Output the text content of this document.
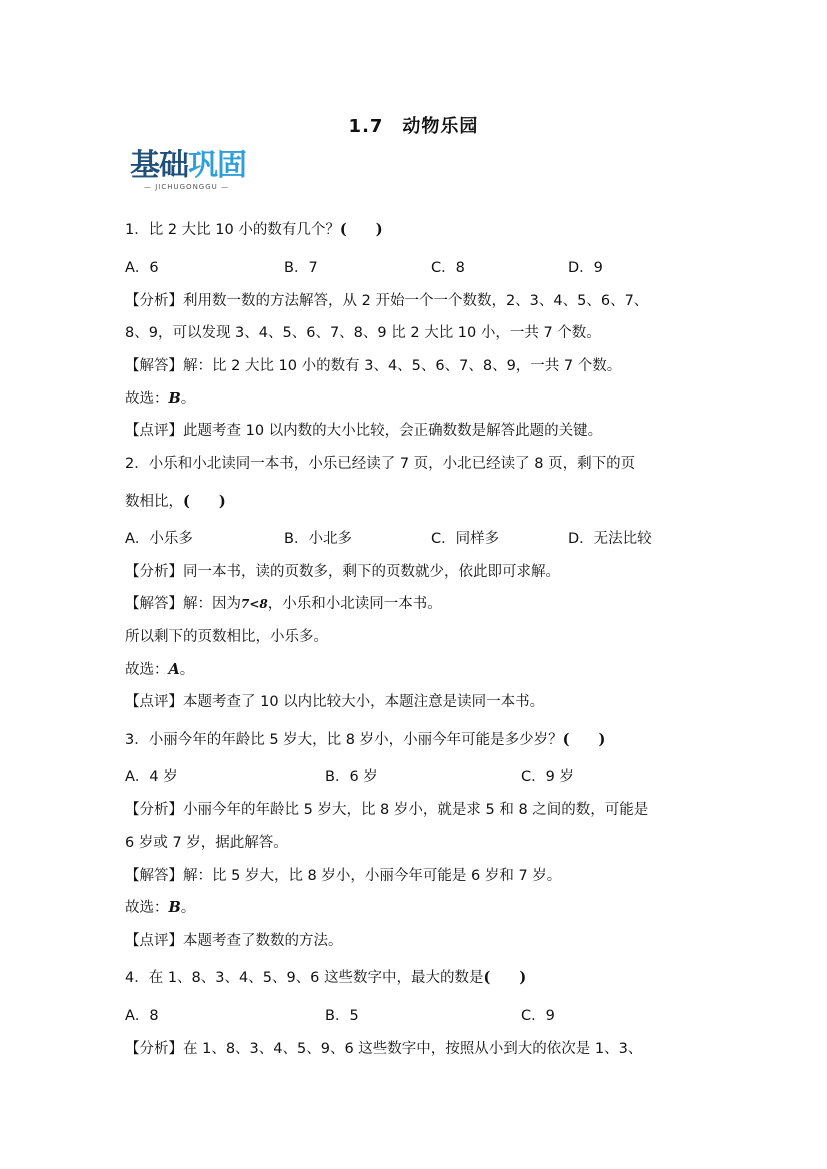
1.7　动物乐园
基础巩固
— JICHUGONGGU —
1．比 2 大比 10 小的数有几个？(　　)
A．6	B．7	C．8	D．9
【分析】利用数一数的方法解答，从 2 开始一个一个数数，2、3、4、5、6、7、
8、9，可以发现 3、4、5、6、7、8、9 比 2 大比 10 小，一共 7 个数。
【解答】解：比 2 大比 10 小的数有 3、4、5、6、7、8、9，一共 7 个数。
故选：B。
【点评】此题考查 10 以内数的大小比较，会正确数数是解答此题的关键。
2．小乐和小北读同一本书，小乐已经读了 7 页，小北已经读了 8 页，剩下的页
数相比，(　　)
A．小乐多	B．小北多	C．同样多	D．无法比较
【分析】同一本书，读的页数多，剩下的页数就少，依此即可求解。
【解答】解：因为7<8，小乐和小北读同一本书。
所以剩下的页数相比，小乐多。
故选：A。
【点评】本题考查了 10 以内比较大小，本题注意是读同一本书。
3．小丽今年的年龄比 5 岁大，比 8 岁小，小丽今年可能是多少岁？(　　)
A．4 岁	B．6 岁	C．9 岁
【分析】小丽今年的年龄比 5 岁大，比 8 岁小，就是求 5 和 8 之间的数，可能是
6 岁或 7 岁，据此解答。
【解答】解：比 5 岁大，比 8 岁小，小丽今年可能是 6 岁和 7 岁。
故选：B。
【点评】本题考查了数数的方法。
4．在 1、8、3、4、5、9、6 这些数字中，最大的数是(　　)
A．8	B．5	C．9
【分析】在 1、8、3、4、5、9、6 这些数字中，按照从小到大的依次是 1、3、
